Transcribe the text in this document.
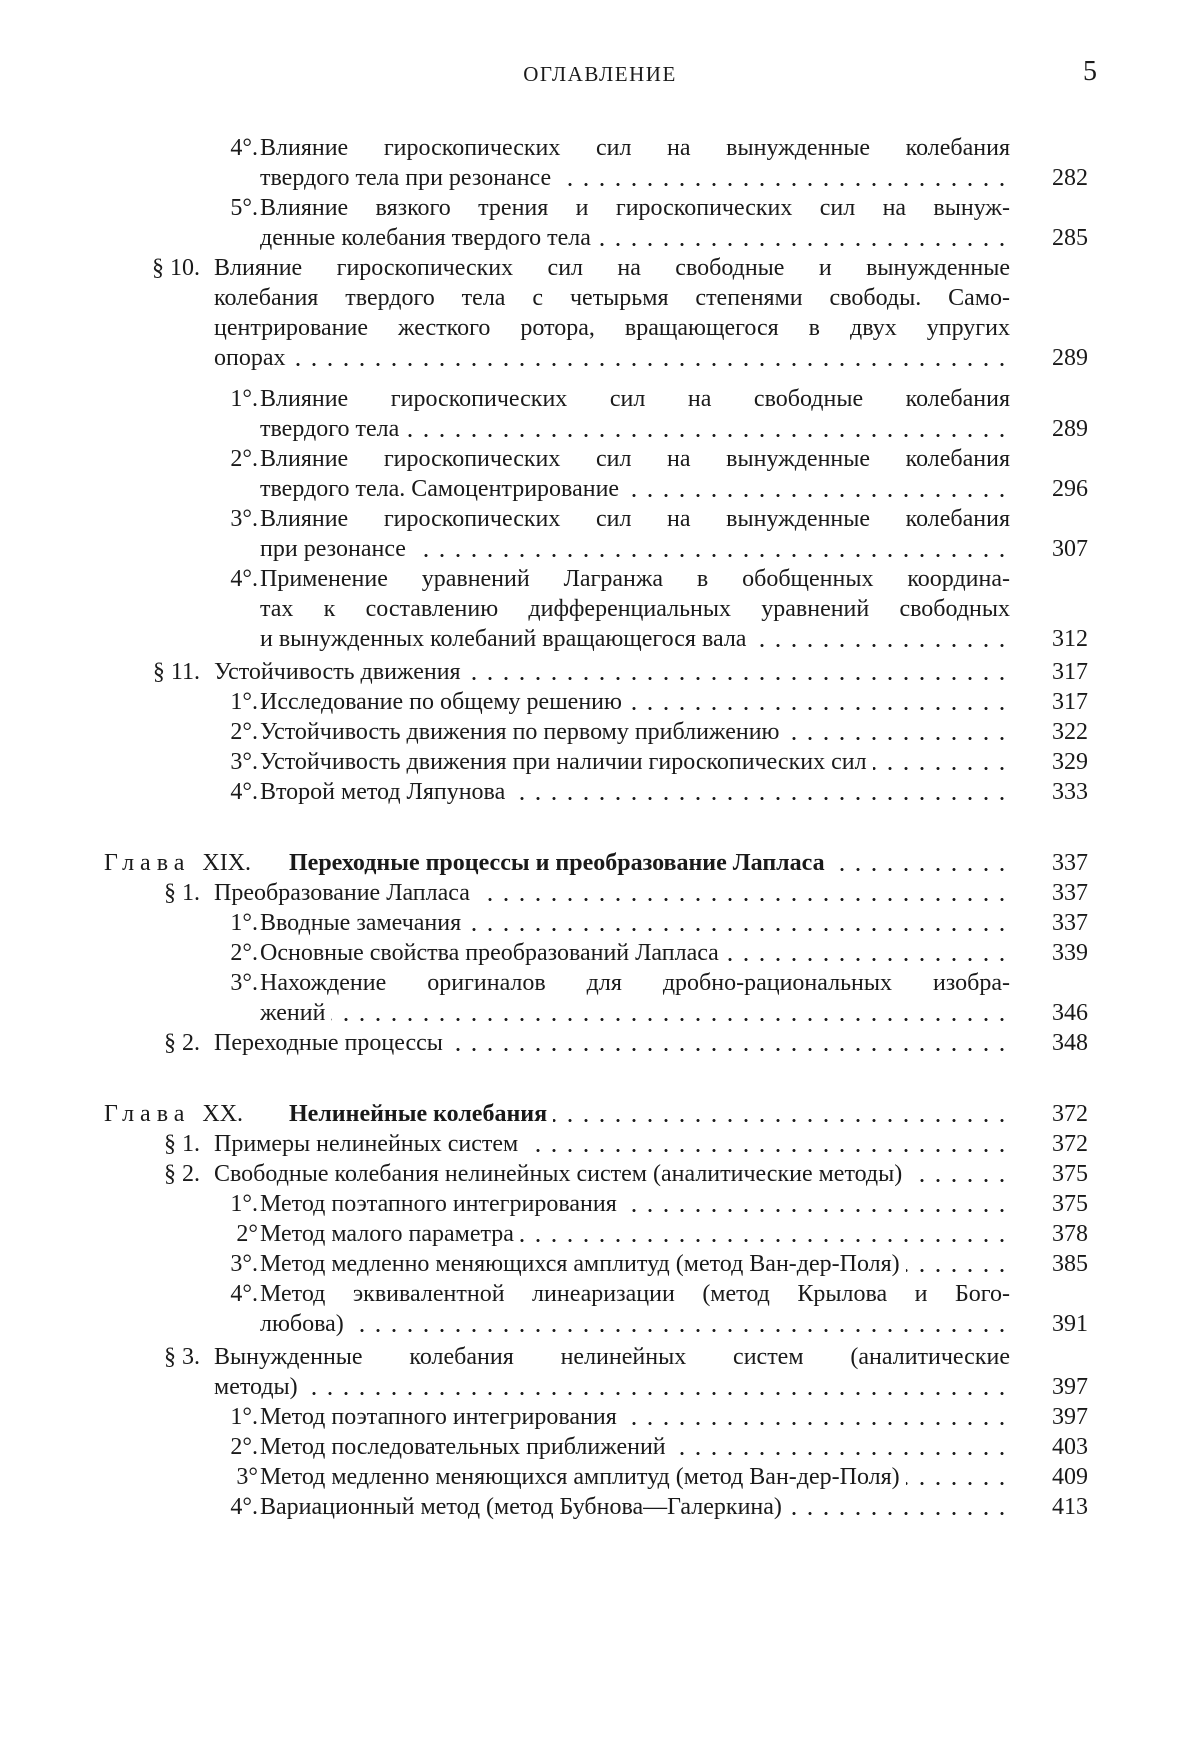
ОГЛАВЛЕНИЕ	5
4°. Влияние гироскопических сил на вынужденные колебания
твердого тела при резонансе	282
5°. Влияние вязкого трения и гироскопических сил на вынуж-
денные колебания твердого тела	285
§ 10. Влияние гироскопических сил на свободные и вынужденные
колебания твердого тела с четырьмя степенями свободы. Само-
центрирование жесткого ротора, вращающегося в двух упругих
опорах	289
1°. Влияние гироскопических сил на свободные колебания
твердого тела	289
2°. Влияние гироскопических сил на вынужденные колебания
твердого тела. Самоцентрирование	296
3°. Влияние гироскопических сил на вынужденные колебания
при резонансе	307
4°. Применение уравнений Лагранжа в обобщенных координа-
тах к составлению дифференциальных уравнений свободных
и вынужденных колебаний вращающегося вала	312
§ 11. Устойчивость движения	317
1°. Исследование по общему решению	317
2°. Устойчивость движения по первому приближению	322
3°. Устойчивость движения при наличии гироскопических сил	329
4°. Второй метод Ляпунова	333
Глава XIX.	Переходные процессы и преобразование Лапласа	337
§ 1. Преобразование Лапласа	337
1°. Вводные замечания	337
2°. Основные свойства преобразований Лапласа	339
3°. Нахождение оригиналов для дробно-рациональных изобра-
жений	346
§ 2. Переходные процессы	348
Глава XX.	Нелинейные колебания	372
§ 1. Примеры нелинейных систем	372
§ 2. Свободные колебания нелинейных систем (аналитические методы)	375
1°. Метод поэтапного интегрирования	375
2° Метод малого параметра	378
3°. Метод медленно меняющихся амплитуд (метод Ван-дер-Поля)	385
4°. Метод эквивалентной линеаризации (метод Крылова и Бого-
любова)	391
§ 3. Вынужденные колебания нелинейных систем (аналитические
методы)	397
1°. Метод поэтапного интегрирования	397
2°. Метод последовательных приближений	403
3° Метод медленно меняющихся амплитуд (метод Ван-дер-Поля)	409
4°. Вариационный метод (метод Бубнова—Галеркина)	413
